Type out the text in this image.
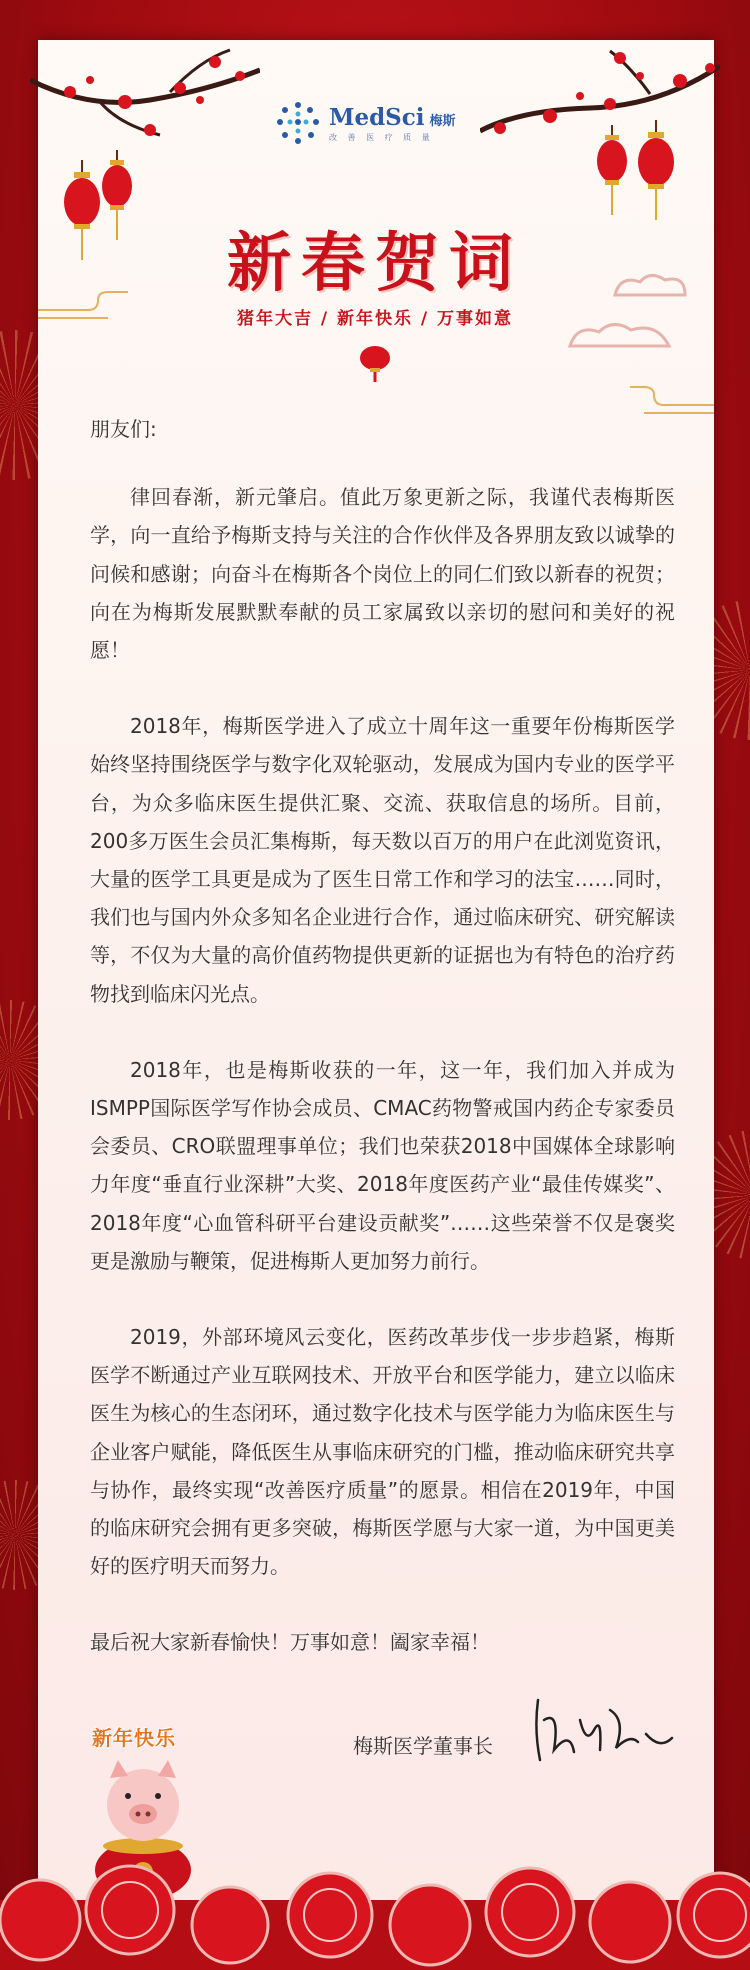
MedSci 梅斯
改 善 医 疗 质 量
新春贺词
猪年大吉 / 新年快乐 / 万事如意

朋友们:

律回春渐，新元肇启。值此万象更新之际，我谨代表梅斯医学，向一直给予梅斯支持与关注的合作伙伴及各界朋友致以诚挚的问候和感谢；向奋斗在梅斯各个岗位上的同仁们致以新春的祝贺；向在为梅斯发展默默奉献的员工家属致以亲切的慰问和美好的祝愿！

2018年，梅斯医学进入了成立十周年这一重要年份梅斯医学始终坚持围绕医学与数字化双轮驱动，发展成为国内专业的医学平台，为众多临床医生提供汇聚、交流、获取信息的场所。目前，200多万医生会员汇集梅斯，每天数以百万的用户在此浏览资讯，大量的医学工具更是成为了医生日常工作和学习的法宝……同时，我们也与国内外众多知名企业进行合作，通过临床研究、研究解读等，不仅为大量的高价值药物提供更新的证据也为有特色的治疗药物找到临床闪光点。

2018年，也是梅斯收获的一年，这一年，我们加入并成为ISMPP国际医学写作协会成员、CMAC药物警戒国内药企专家委员会委员、CRO联盟理事单位；我们也荣获2018中国媒体全球影响力年度“垂直行业深耕”大奖、2018年度医药产业“最佳传媒奖”、2018年度“心血管科研平台建设贡献奖”……这些荣誉不仅是褒奖更是激励与鞭策，促进梅斯人更加努力前行。

2019，外部环境风云变化，医药改革步伐一步步趋紧，梅斯医学不断通过产业互联网技术、开放平台和医学能力，建立以临床医生为核心的生态闭环，通过数字化技术与医学能力为临床医生与企业客户赋能，降低医生从事临床研究的门槛，推动临床研究共享与协作，最终实现“改善医疗质量”的愿景。相信在2019年，中国的临床研究会拥有更多突破，梅斯医学愿与大家一道，为中国更美好的医疗明天而努力。

最后祝大家新春愉快！万事如意！阖家幸福！

梅斯医学董事长
新年快乐
